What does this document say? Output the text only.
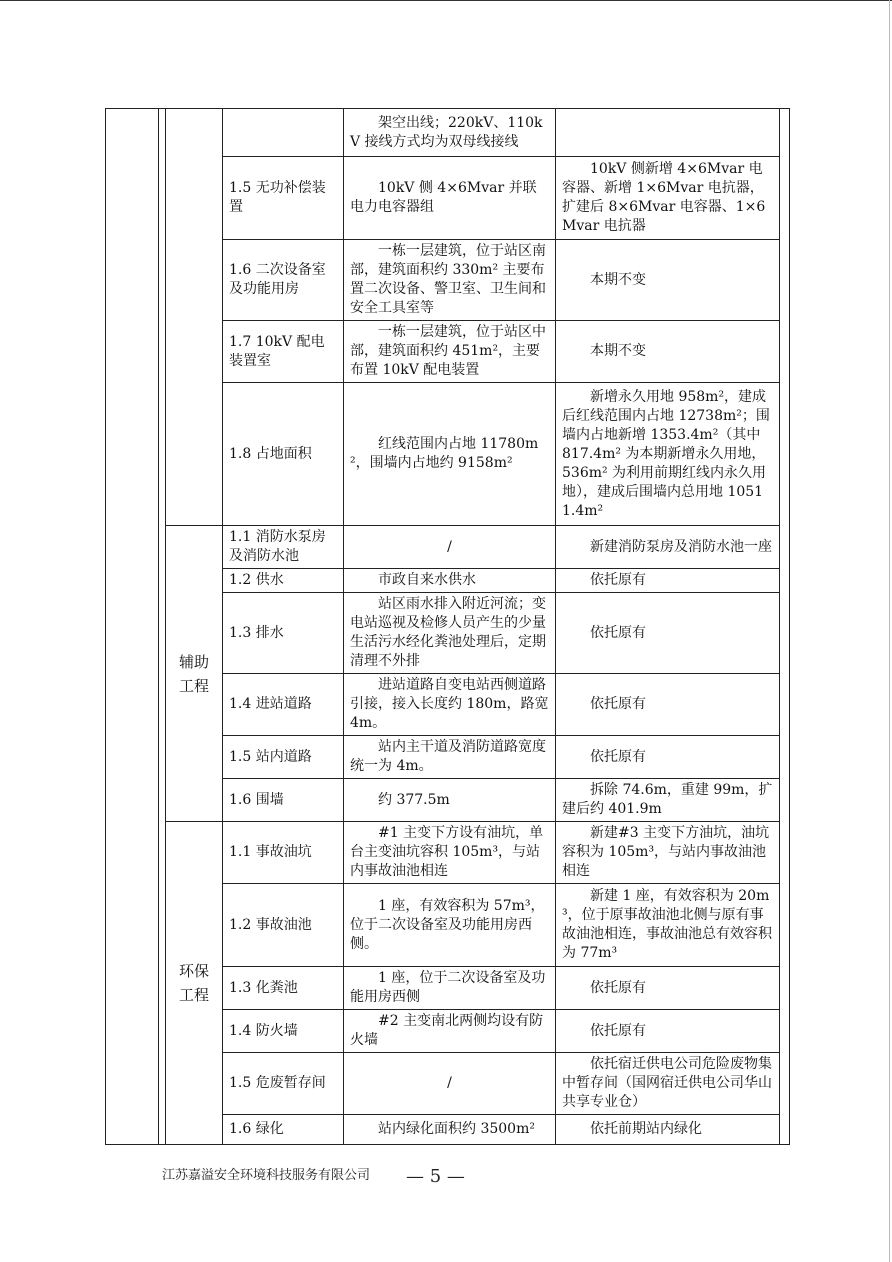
				架空出线；220kV、110kV 接线方式均为双母线接线		
			1.5 无功补偿装置	10kV 侧 4×6Mvar 并联电力电容器组	10kV 侧新增 4×6Mvar 电容器、新增 1×6Mvar 电抗器，扩建后 8×6Mvar 电容器、1×6Mvar 电抗器	
			1.6 二次设备室及功能用房	一栋一层建筑，位于站区南部，建筑面积约 330m² 主要布置二次设备、警卫室、卫生间和安全工具室等	本期不变	
			1.7 10kV 配电装置室	一栋一层建筑，位于站区中部，建筑面积约 451m²，主要布置 10kV 配电装置	本期不变	
			1.8 占地面积	红线范围内占地 11780m²，围墙内占地约 9158m²	新增永久用地 958m²，建成后红线范围内占地 12738m²；围墙内占地新增 1353.4m²（其中 817.4m² 为本期新增永久用地，536m² 为利用前期红线内永久用地），建成后围墙内总用地 10511.4m²	
		辅助工程	1.1 消防水泵房及消防水池	/	新建消防泵房及消防水池一座	
			1.2 供水	市政自来水供水	依托原有	
			1.3 排水	站区雨水排入附近河流；变电站巡视及检修人员产生的少量生活污水经化粪池处理后，定期清理不外排	依托原有	
			1.4 进站道路	进站道路自变电站西侧道路引接，接入长度约 180m，路宽 4m。	依托原有	
			1.5 站内道路	站内主干道及消防道路宽度统一为 4m。	依托原有	
			1.6 围墙	约 377.5m	拆除 74.6m，重建 99m，扩建后约 401.9m	
		环保工程	1.1 事故油坑	#1 主变下方设有油坑，单台主变油坑容积 105m³，与站内事故油池相连	新建#3 主变下方油坑，油坑容积为 105m³，与站内事故油池相连	
			1.2 事故油池	1 座，有效容积为 57m³，位于二次设备室及功能用房西侧。	新建 1 座，有效容积为 20m³，位于原事故油池北侧与原有事故油池相连，事故油池总有效容积为 77m³	
			1.3 化粪池	1 座，位于二次设备室及功能用房西侧	依托原有	
			1.4 防火墙	#2 主变南北两侧均设有防火墙	依托原有	
			1.5 危废暂存间	/	依托宿迁供电公司危险废物集中暂存间（国网宿迁供电公司华山共享专业仓）	
			1.6 绿化	站内绿化面积约 3500m²	依托前期站内绿化	
江苏嘉溢安全环境科技服务有限公司 — 5 —
